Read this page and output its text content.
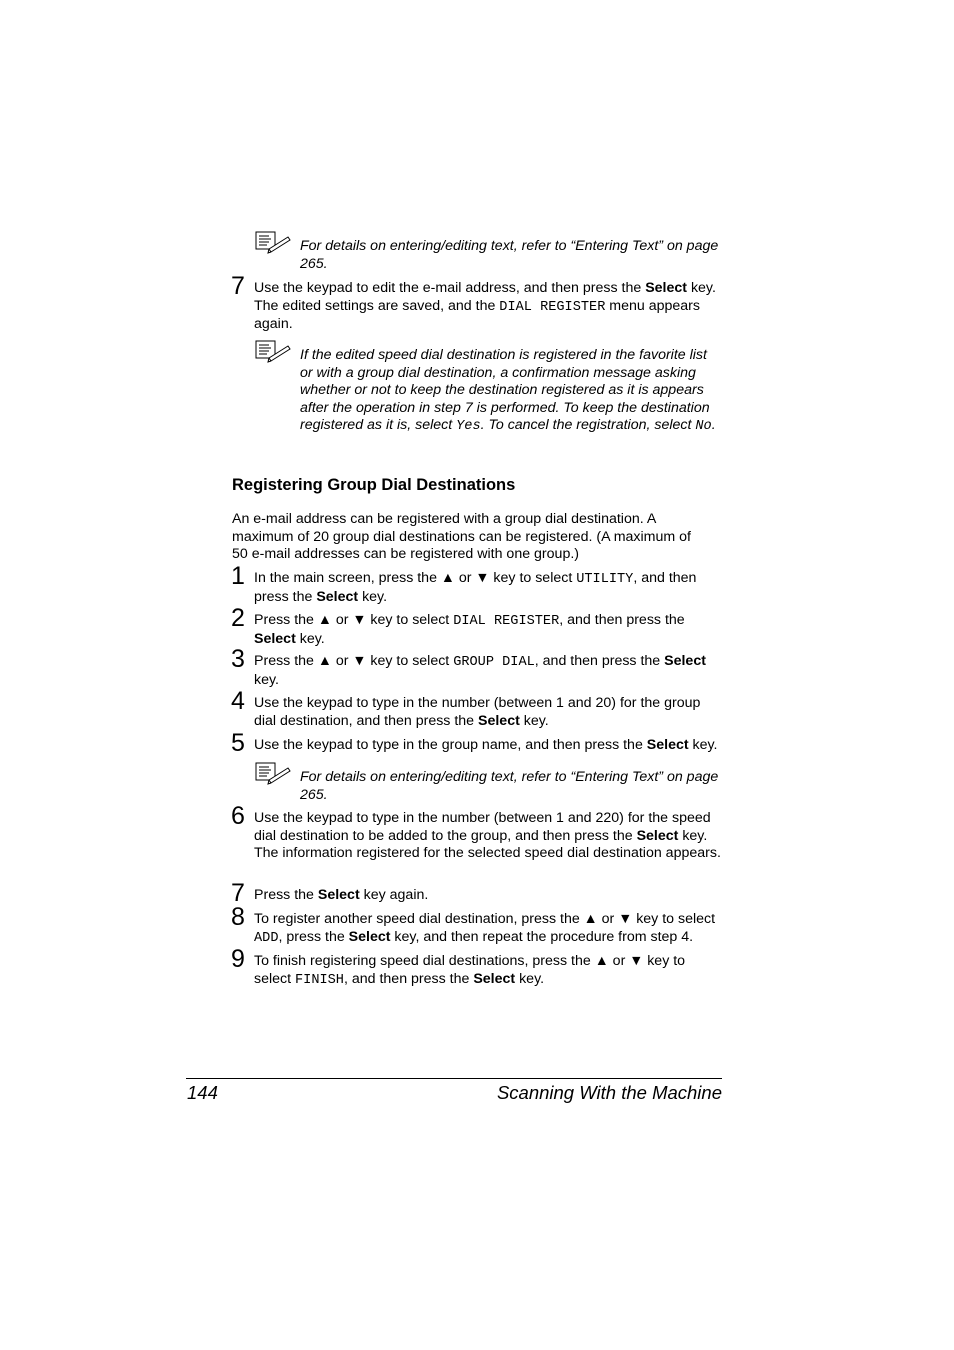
For details on entering/editing text, refer to “Entering Text” on page 265.

7 Use the keypad to edit the e-mail address, and then press the Select key. The edited settings are saved, and the DIAL REGISTER menu appears again.

If the edited speed dial destination is registered in the favorite list or with a group dial destination, a confirmation message asking whether or not to keep the destination registered as it is appears after the operation in step 7 is performed. To keep the destination registered as it is, select Yes. To cancel the registration, select No.

Registering Group Dial Destinations

An e-mail address can be registered with a group dial destination. A maximum of 20 group dial destinations can be registered. (A maximum of 50 e-mail addresses can be registered with one group.)

1 In the main screen, press the ▲ or ▼ key to select UTILITY, and then press the Select key.

2 Press the ▲ or ▼ key to select DIAL REGISTER, and then press the Select key.

3 Press the ▲ or ▼ key to select GROUP DIAL, and then press the Select key.

4 Use the keypad to type in the number (between 1 and 20) for the group dial destination, and then press the Select key.

5 Use the keypad to type in the group name, and then press the Select key.

For details on entering/editing text, refer to “Entering Text” on page 265.

6 Use the keypad to type in the number (between 1 and 220) for the speed dial destination to be added to the group, and then press the Select key. The information registered for the selected speed dial destination appears.

7 Press the Select key again.

8 To register another speed dial destination, press the ▲ or ▼ key to select ADD, press the Select key, and then repeat the procedure from step 4.

9 To finish registering speed dial destinations, press the ▲ or ▼ key to select FINISH, and then press the Select key.

144	Scanning With the Machine
